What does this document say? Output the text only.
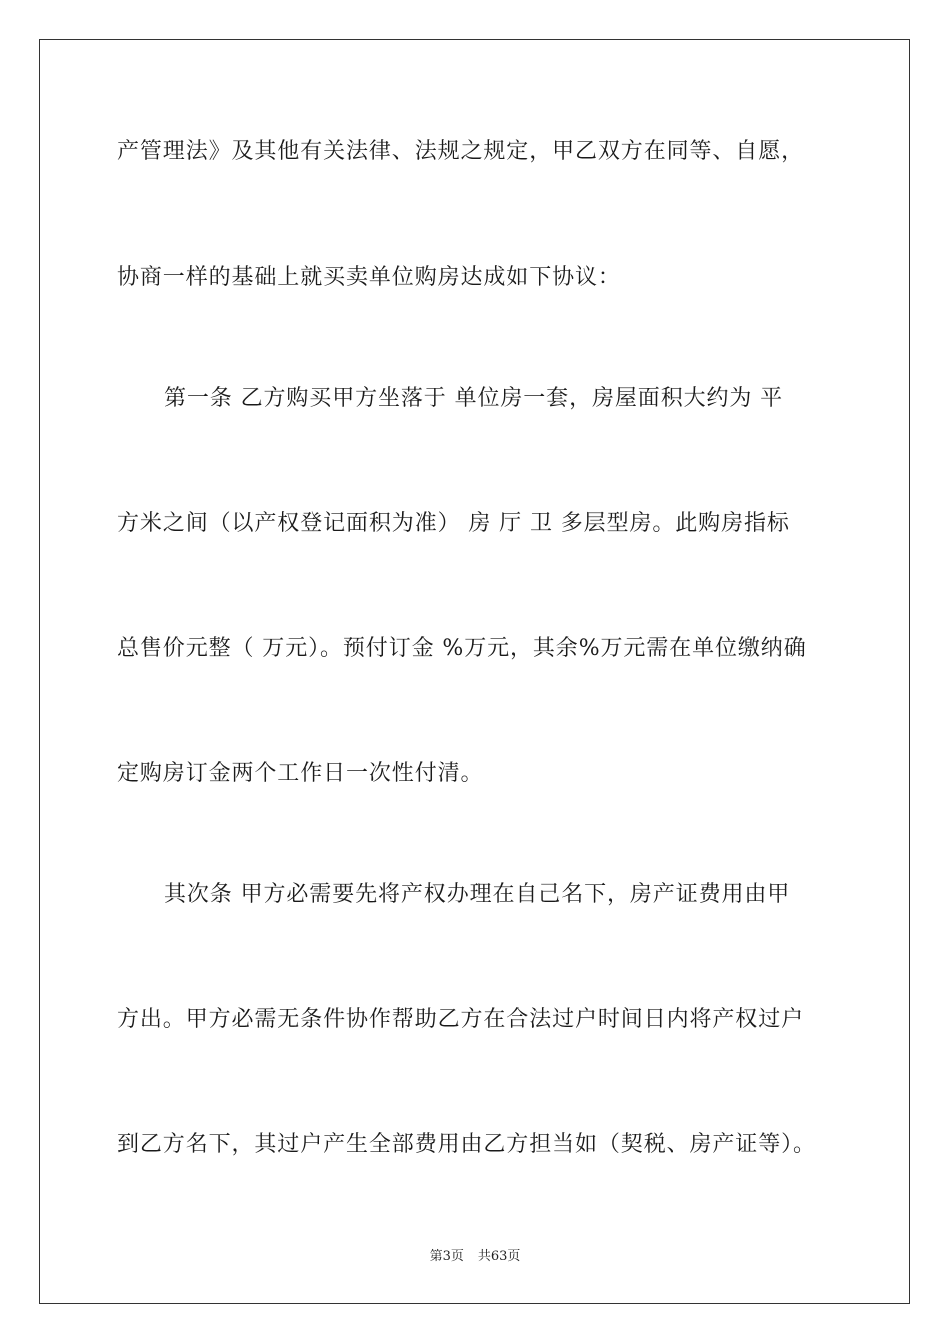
产管理法》及其他有关法律、法规之规定，甲乙双方在同等、自愿，
协商一样的基础上就买卖单位购房达成如下协议：
第一条 乙方购买甲方坐落于 单位房一套，房屋面积大约为 平
方米之间（以产权登记面积为准） 房 厅 卫 多层型房。此购房指标
总售价元整（ 万元）。预付订金 %万元，其余%万元需在单位缴纳确
定购房订金两个工作日一次性付清。
其次条 甲方必需要先将产权办理在自己名下，房产证费用由甲
方出。甲方必需无条件协作帮助乙方在合法过户时间日内将产权过户
到乙方名下，其过户产生全部费用由乙方担当如（契税、房产证等）。
第3页 共63页
